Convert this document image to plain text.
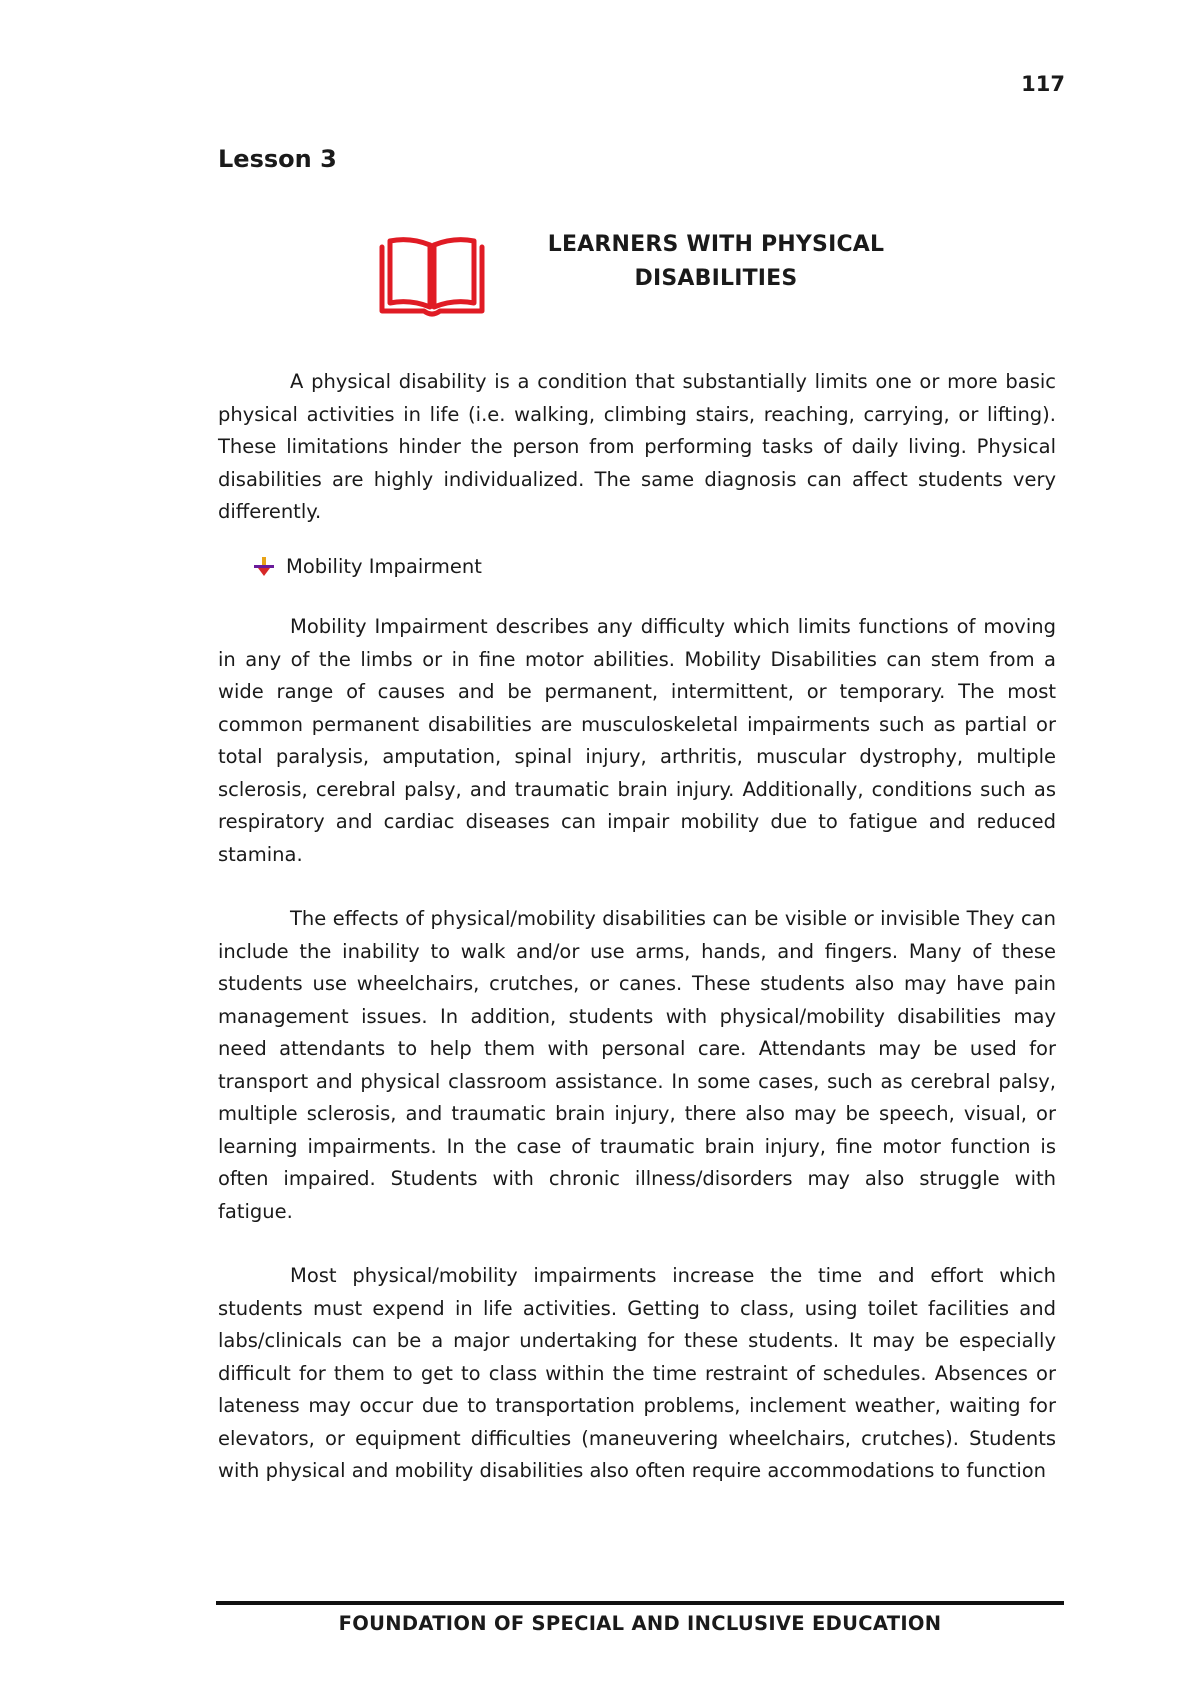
117
Lesson 3
LEARNERS WITH PHYSICAL
DISABILITIES

A physical disability is a condition that substantially limits one or more basic physical activities in life (i.e. walking, climbing stairs, reaching, carrying, or lifting). These limitations hinder the person from performing tasks of daily living. Physical disabilities are highly individualized. The same diagnosis can affect students very differently.

Mobility Impairment

Mobility Impairment describes any difficulty which limits functions of moving in any of the limbs or in fine motor abilities. Mobility Disabilities can stem from a wide range of causes and be permanent, intermittent, or temporary. The most common permanent disabilities are musculoskeletal impairments such as partial or total paralysis, amputation, spinal injury, arthritis, muscular dystrophy, multiple sclerosis, cerebral palsy, and traumatic brain injury. Additionally, conditions such as respiratory and cardiac diseases can impair mobility due to fatigue and reduced stamina.

The effects of physical/mobility disabilities can be visible or invisible They can include the inability to walk and/or use arms, hands, and fingers. Many of these students use wheelchairs, crutches, or canes. These students also may have pain management issues. In addition, students with physical/mobility disabilities may need attendants to help them with personal care. Attendants may be used for transport and physical classroom assistance. In some cases, such as cerebral palsy, multiple sclerosis, and traumatic brain injury, there also may be speech, visual, or learning impairments. In the case of traumatic brain injury, fine motor function is often impaired. Students with chronic illness/disorders may also struggle with fatigue.

Most physical/mobility impairments increase the time and effort which students must expend in life activities. Getting to class, using toilet facilities and labs/clinicals can be a major undertaking for these students. It may be especially difficult for them to get to class within the time restraint of schedules. Absences or lateness may occur due to transportation problems, inclement weather, waiting for elevators, or equipment difficulties (maneuvering wheelchairs, crutches). Students with physical and mobility disabilities also often require accommodations to function

FOUNDATION OF SPECIAL AND INCLUSIVE EDUCATION
